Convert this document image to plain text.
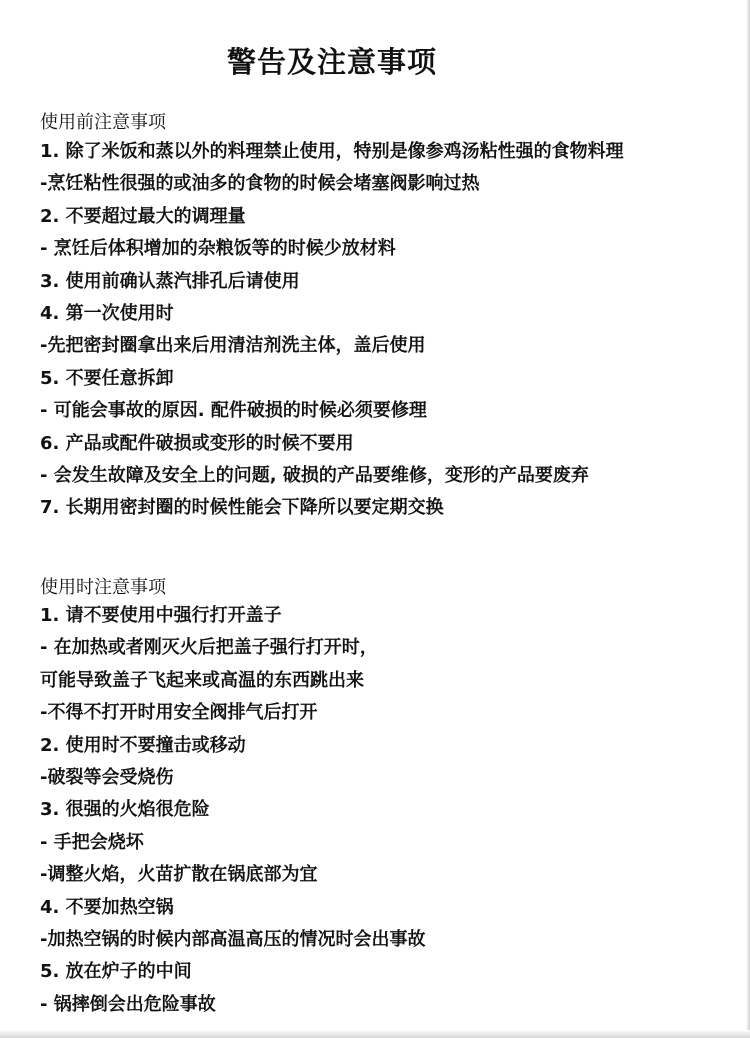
警告及注意事项
使用前注意事项
1. 除了米饭和蒸以外的料理禁止使用，特别是像参鸡汤粘性强的食物料理
-烹饪粘性很强的或油多的食物的时候会堵塞阀影响过热
2. 不要超过最大的调理量
- 烹饪后体积增加的杂粮饭等的时候少放材料
3. 使用前确认蒸汽排孔后请使用
4. 第一次使用时
-先把密封圈拿出来后用清洁剂洗主体，盖后使用
5. 不要任意拆卸
- 可能会事故的原因. 配件破损的时候必须要修理
6. 产品或配件破损或变形的时候不要用
- 会发生故障及安全上的问题, 破损的产品要维修，变形的产品要废弃
7. 长期用密封圈的时候性能会下降所以要定期交换
使用时注意事项
1. 请不要使用中强行打开盖子
- 在加热或者刚灭火后把盖子强行打开时，
可能导致盖子飞起来或高温的东西跳出来
-不得不打开时用安全阀排气后打开
2. 使用时不要撞击或移动
-破裂等会受烧伤
3. 很强的火焰很危险
- 手把会烧坏
-调整火焰，火苗扩散在锅底部为宜
4. 不要加热空锅
-加热空锅的时候内部高温高压的情况时会出事故
5. 放在炉子的中间
- 锅摔倒会出危险事故
